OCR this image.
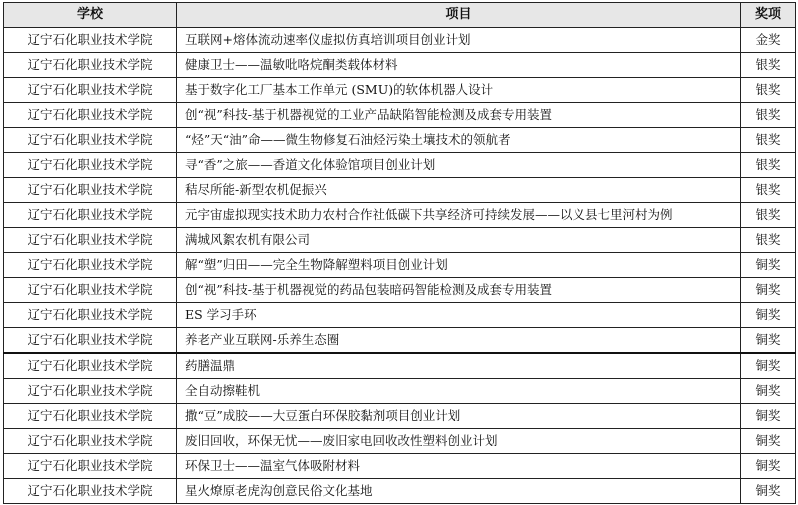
学校	项目	奖项
辽宁石化职业技术学院	互联网+熔体流动速率仪虚拟仿真培训项目创业计划	金奖
辽宁石化职业技术学院	健康卫士——温敏吡咯烷酮类载体材料	银奖
辽宁石化职业技术学院	基于数字化工厂基本工作单元 (SMU)的软体机器人设计	银奖
辽宁石化职业技术学院	创“视”科技-基于机器视觉的工业产品缺陷智能检测及成套专用装置	银奖
辽宁石化职业技术学院	“烃”天“油”命——微生物修复石油烃污染土壤技术的领航者	银奖
辽宁石化职业技术学院	寻“香”之旅——香道文化体验馆项目创业计划	银奖
辽宁石化职业技术学院	秸尽所能-新型农机促振兴	银奖
辽宁石化职业技术学院	元宇宙虚拟现实技术助力农村合作社低碳下共享经济可持续发展——以义县七里河村为例	银奖
辽宁石化职业技术学院	满城风絮农机有限公司	银奖
辽宁石化职业技术学院	解“塑”归田——完全生物降解塑料项目创业计划	铜奖
辽宁石化职业技术学院	创“视”科技-基于机器视觉的药品包装暗码智能检测及成套专用装置	铜奖
辽宁石化职业技术学院	ES 学习手环	铜奖
辽宁石化职业技术学院	养老产业互联网-乐养生态圈	铜奖
辽宁石化职业技术学院	药膳温鼎	铜奖
辽宁石化职业技术学院	全自动擦鞋机	铜奖
辽宁石化职业技术学院	撒“豆”成胶——大豆蛋白环保胶黏剂项目创业计划	铜奖
辽宁石化职业技术学院	废旧回收，环保无忧——废旧家电回收改性塑料创业计划	铜奖
辽宁石化职业技术学院	环保卫士——温室气体吸附材料	铜奖
辽宁石化职业技术学院	星火燎原老虎沟创意民俗文化基地	铜奖
